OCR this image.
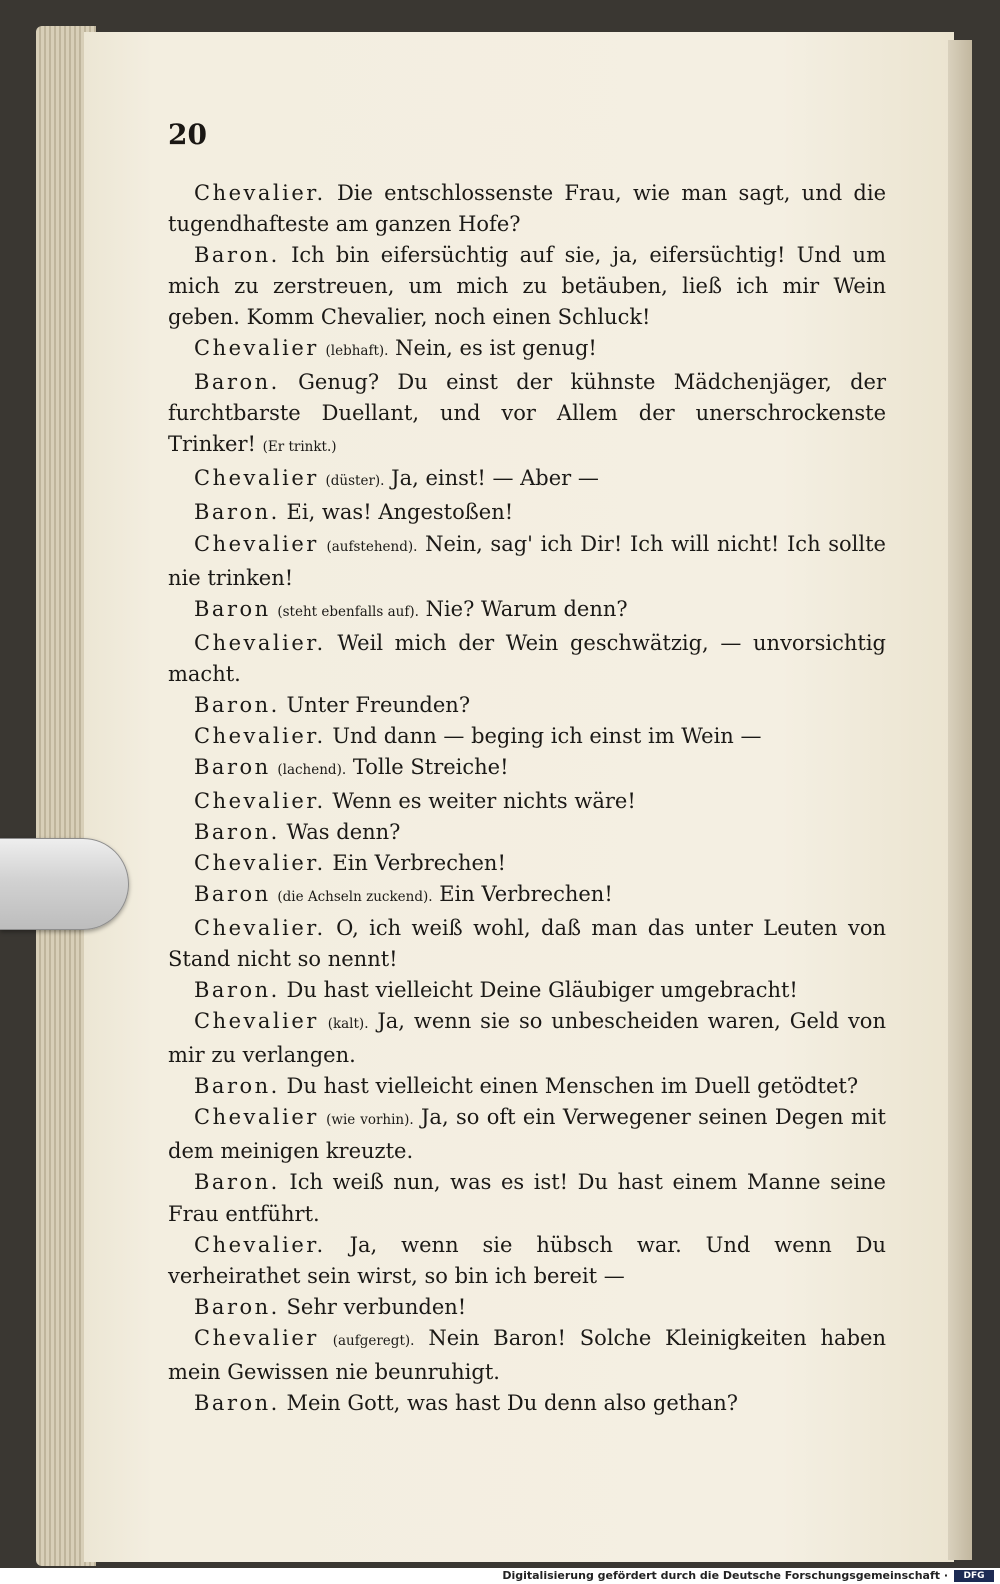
20

Chevalier. Die entschlossenste Frau, wie man sagt, und die tugendhafteste am ganzen Hofe?

Baron. Ich bin eifersüchtig auf sie, ja, eifersüchtig! Und um mich zu zerstreuen, um mich zu betäuben, ließ ich mir Wein geben. Komm Chevalier, noch einen Schluck!

Chevalier (lebhaft). Nein, es ist genug!

Baron. Genug? Du einst der kühnste Mädchenjäger, der furchtbarste Duellant, und vor Allem der unerschrockenste Trinker! (Er trinkt.)

Chevalier (düster). Ja, einst! — Aber —

Baron. Ei, was! Angestoßen!

Chevalier (aufstehend). Nein, sag' ich Dir! Ich will nicht! Ich sollte nie trinken!

Baron (steht ebenfalls auf). Nie? Warum denn?

Chevalier. Weil mich der Wein geschwätzig, — unvorsichtig macht.

Baron. Unter Freunden?

Chevalier. Und dann — beging ich einst im Wein —

Baron (lachend). Tolle Streiche!

Chevalier. Wenn es weiter nichts wäre!

Baron. Was denn?

Chevalier. Ein Verbrechen!

Baron (die Achseln zuckend). Ein Verbrechen!

Chevalier. O, ich weiß wohl, daß man das unter Leuten von Stand nicht so nennt!

Baron. Du hast vielleicht Deine Gläubiger umgebracht!

Chevalier (kalt). Ja, wenn sie so unbescheiden waren, Geld von mir zu verlangen.

Baron. Du hast vielleicht einen Menschen im Duell getödtet?

Chevalier (wie vorhin). Ja, so oft ein Verwegener seinen Degen mit dem meinigen kreuzte.

Baron. Ich weiß nun, was es ist! Du hast einem Manne seine Frau entführt.

Chevalier. Ja, wenn sie hübsch war. Und wenn Du verheirathet sein wirst, so bin ich bereit —

Baron. Sehr verbunden!

Chevalier (aufgeregt). Nein Baron! Solche Kleinigkeiten haben mein Gewissen nie beunruhigt.

Baron. Mein Gott, was hast Du denn also gethan?

Digitalisierung gefördert durch die Deutsche Forschungsgemeinschaft ·	DFG
